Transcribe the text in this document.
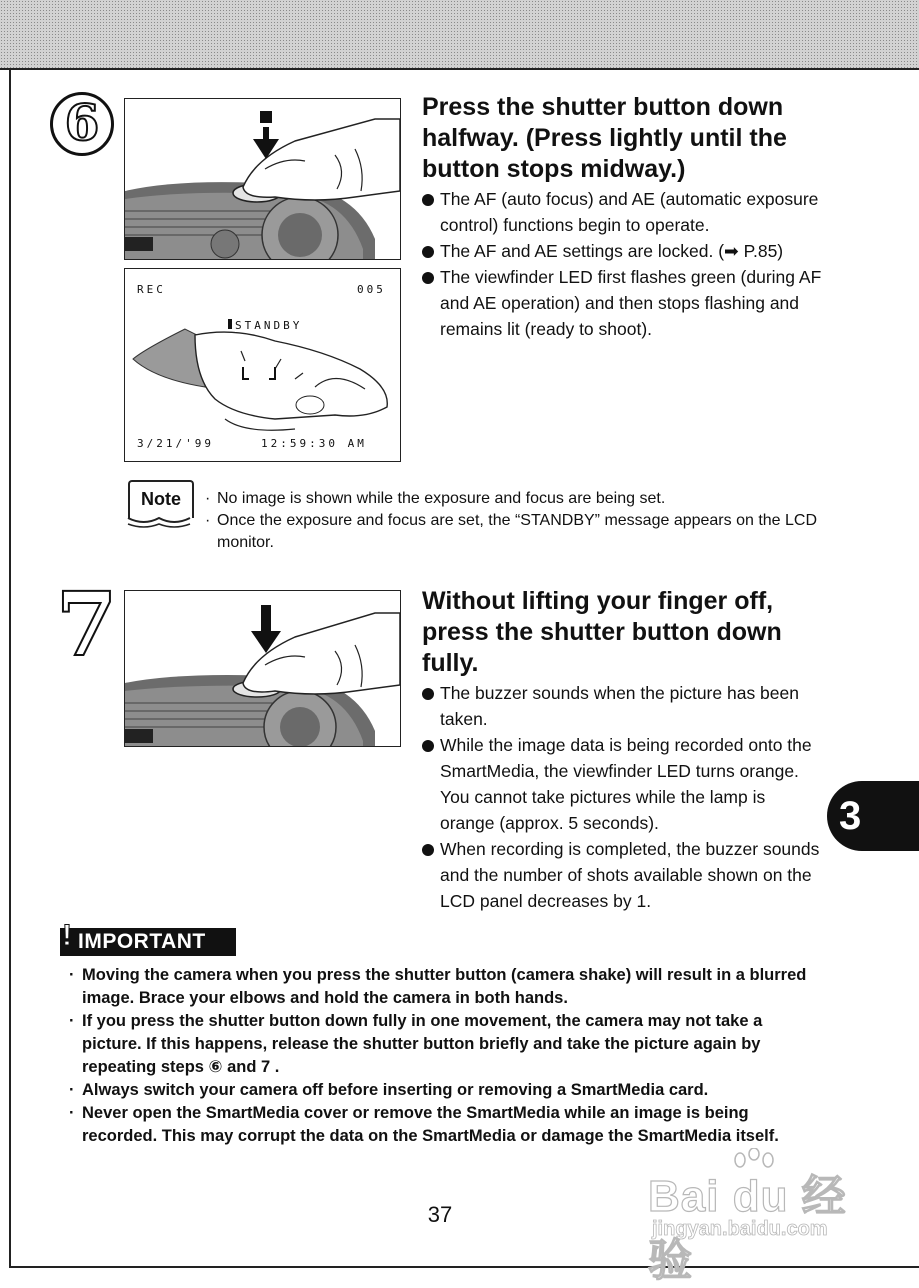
6
REC	005
STANDBY
3/21/'99	12:59:30 AM
Press the shutter button down halfway. (Press lightly until the button stops midway.)
The AF (auto focus) and AE (automatic exposure control) functions begin to operate.
The AF and AE settings are locked. (➡ P.85)
The viewfinder LED first flashes green (during AF and AE operation) and then stops flashing and remains lit (ready to shoot).
Note
·	No image is shown while the exposure and focus are being set.
· Once the exposure and focus are set, the “STANDBY” message appears on the LCD monitor.
7	Without lifting your finger off, press the shutter button down fully.
The buzzer sounds when the picture has been taken.
While the image data is being recorded onto the SmartMedia, the viewfinder LED turns orange. You cannot take pictures while the lamp is orange (approx. 5 seconds).
When recording is completed, the buzzer sounds and the number of shots available shown on the LCD panel decreases by 1.
! IMPORTANT
· Moving the camera when you press the shutter button (camera shake) will result in a blurred image. Brace your elbows and hold the camera in both hands.
· If you press the shutter button down fully in one movement, the camera may not take a picture. If this happens, release the shutter button briefly and take the picture again by repeating steps ⑥ and 7 .
· Always switch your camera off before inserting or removing a SmartMedia card.
· Never open the SmartMedia cover or remove the SmartMedia while an image is being recorded. This may corrupt the data on the SmartMedia or damage the SmartMedia itself.
3
37	Bai du 经验
jingyan.baidu.com
